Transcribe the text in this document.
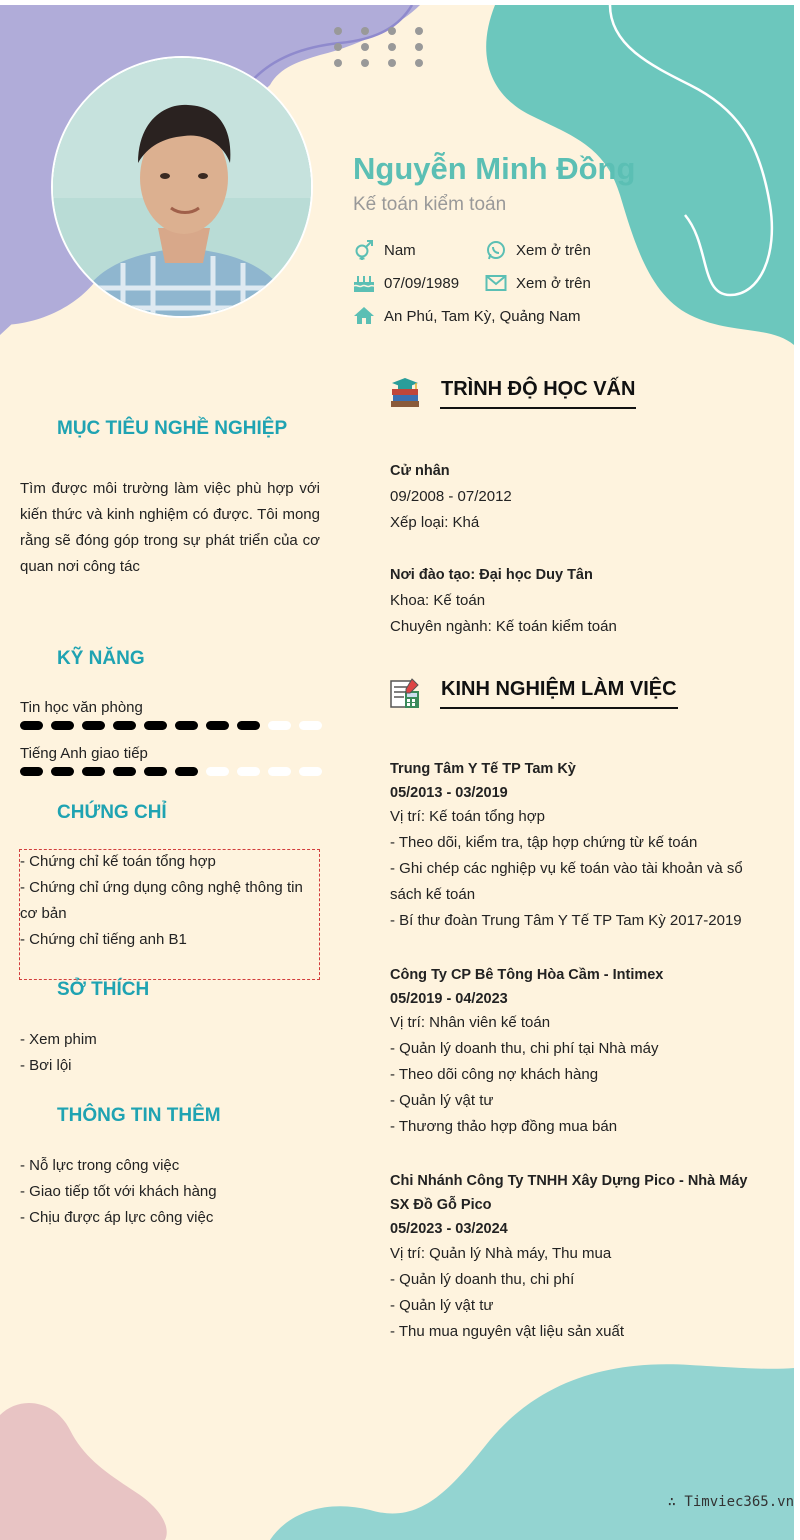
Nguyễn Minh Đồng
Kế toán kiểm toán
Nam	Xem ở trên
07/09/1989	Xem ở trên
An Phú, Tam Kỳ, Quảng Nam
MỤC TIÊU NGHỀ NGHIỆP
Tìm được môi trường làm việc phù hợp với kiến thức và kinh nghiệm có được. Tôi mong rằng sẽ đóng góp trong sự phát triển của cơ quan nơi công tác
KỸ NĂNG
Tin học văn phòng
Tiếng Anh giao tiếp
CHỨNG CHỈ
- Chứng chỉ kế toán tổng hợp
- Chứng chỉ ứng dụng công nghệ thông tin cơ bản
- Chứng chỉ tiếng anh B1
SỞ THÍCH
- Xem phim
- Bơi lội
THÔNG TIN THÊM
- Nỗ lực trong công việc
- Giao tiếp tốt với khách hàng
- Chịu được áp lực công việc
TRÌNH ĐỘ HỌC VẤN
Cử nhân
09/2008 - 07/2012
Xếp loại: Khá
Nơi đào tạo: Đại học Duy Tân
Khoa: Kế toán
Chuyên ngành: Kế toán kiểm toán
KINH NGHIỆM LÀM VIỆC
Trung Tâm Y Tế TP Tam Kỳ
05/2013 - 03/2019
Vị trí: Kế toán tổng hợp
- Theo dõi, kiểm tra, tập hợp chứng từ kế toán
- Ghi chép các nghiệp vụ kế toán vào tài khoản và sổ sách kế toán
- Bí thư đoàn Trung Tâm Y Tế TP Tam Kỳ 2017-2019
Công Ty CP Bê Tông Hòa Cầm - Intimex
05/2019 - 04/2023
Vị trí: Nhân viên kế toán
- Quản lý doanh thu, chi phí tại Nhà máy
- Theo dõi công nợ khách hàng
- Quản lý vật tư
- Thương thảo hợp đồng mua bán
Chi Nhánh Công Ty TNHH Xây Dựng Pico - Nhà Máy SX Đồ Gỗ Pico
05/2023 - 03/2024
Vị trí: Quản lý Nhà máy, Thu mua
- Quản lý doanh thu, chi phí
- Quản lý vật tư
- Thu mua nguyên vật liệu sản xuất
∴ Timviec365.vn
